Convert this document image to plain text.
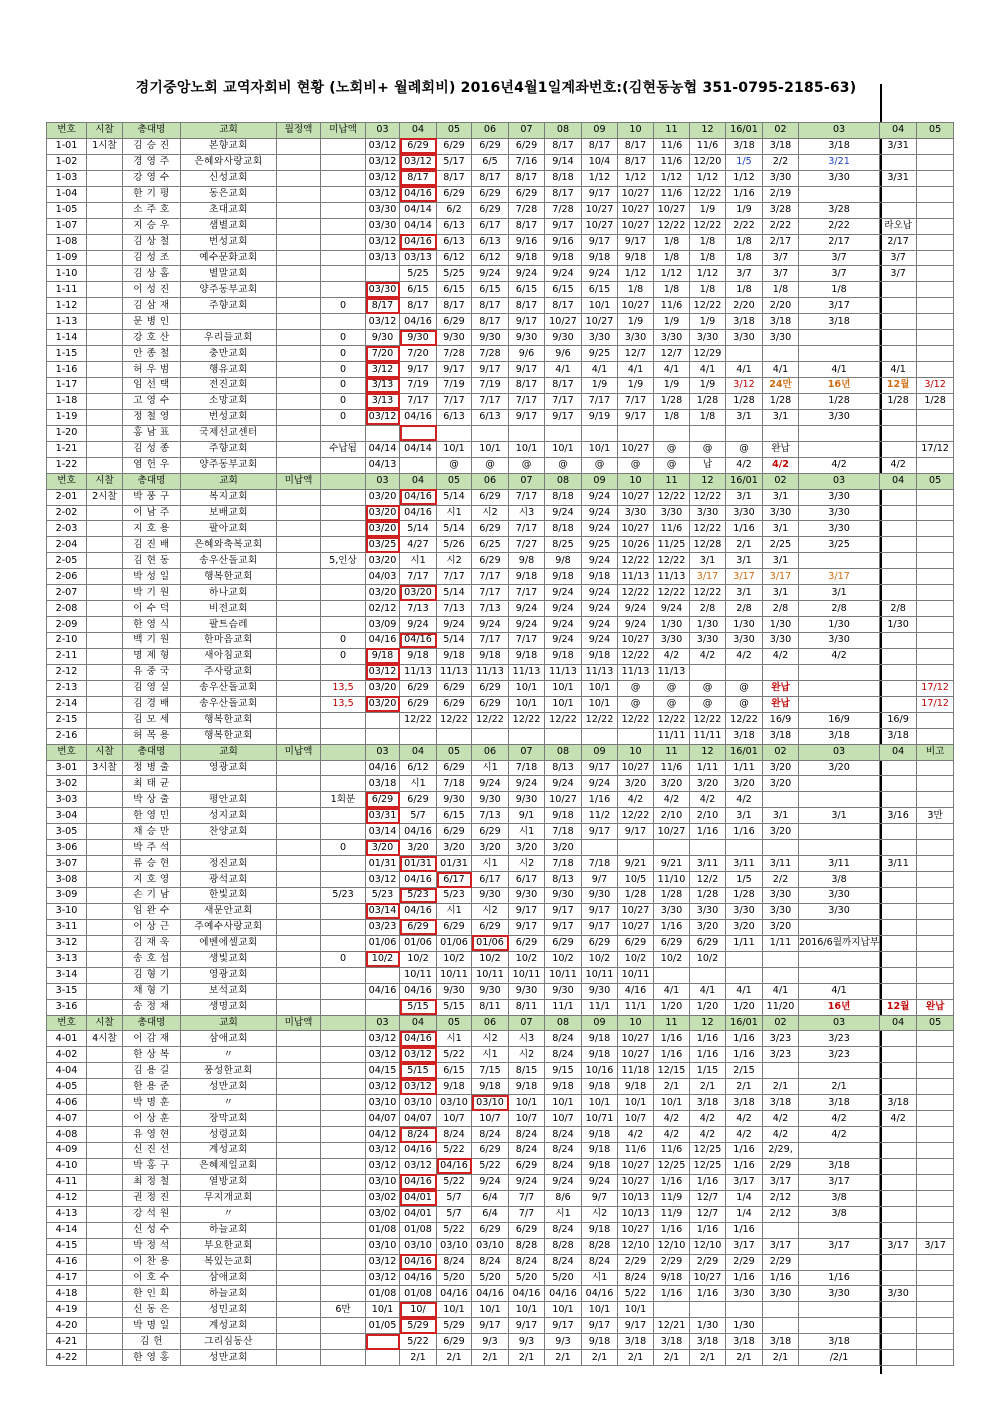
경기중앙노회 교역자회비 현황 (노회비+ 월례회비) 2016년4월1일계좌번호:(김현동농협 351-0795-2185-63)
번호	시찰	총대명	교회	월정액	미납액	03	04	05	06	07	08	09	10	11	12	16/01	02	03	04	05
1-01	1시찰	김 승 진	본향교회			03/12	6/29	6/29	6/29	6/29	8/17	8/17	8/17	11/6	11/6	3/18	3/18	3/18	3/31	
1-02		경 영 주	은혜와사랑교회			03/12	03/12	5/17	6/5	7/16	9/14	10/4	8/17	11/6	12/20	1/5	2/2	3/21		
1-03		강 영 수	신성교회			03/12	8/17	8/17	8/17	8/17	8/18	1/12	1/12	1/12	1/12	1/12	3/30	3/30	3/31	
1-04		한 기 평	동은교회			03/12	04/16	6/29	6/29	6/29	8/17	9/17	10/27	11/6	12/22	1/16	2/19			
1-05		소 주 호	초대교회			03/30	04/14	6/2	6/29	7/28	7/28	10/27	10/27	10/27	1/9	1/9	3/28	3/28		
1-07		지 승 우	샘별교회			03/30	04/14	6/13	6/17	8/17	9/17	10/27	10/27	12/22	12/22	2/22	2/22	2/22	라오납	
1-08		김 상 철	번성교회			03/12	04/16	6/13	6/13	9/16	9/16	9/17	9/17	1/8	1/8	1/8	2/17	2/17	2/17	
1-09		김 성 조	예수문화교회			03/13	03/13	6/12	6/12	9/18	9/18	9/18	9/18	1/8	1/8	1/8	3/7	3/7	3/7	
1-10		김 상 홈	별말교회				5/25	5/25	9/24	9/24	9/24	9/24	1/12	1/12	1/12	3/7	3/7	3/7	3/7	
1-11		이 성 진	양주동부교회			03/30	6/15	6/15	6/15	6/15	6/15	6/15	1/8	1/8	1/8	1/8	1/8	1/8		
1-12		김 삼 재	주향교회		0	8/17	8/17	8/17	8/17	8/17	8/17	10/1	10/27	11/6	12/22	2/20	2/20	3/17		
1-13		문 병 인				03/12	04/16	6/29	8/17	9/17	10/27	10/27	1/9	1/9	1/9	3/18	3/18	3/18		
1-14		강 호 산	우리들교회		0	9/30	9/30	9/30	9/30	9/30	9/30	3/30	3/30	3/30	3/30	3/30	3/30			
1-15		안 종 철	충만교회		0	7/20	7/20	7/28	7/28	9/6	9/6	9/25	12/7	12/7	12/29					
1-16		허 우 범	행유교회		0	3/12	9/17	9/17	9/17	9/17	4/1	4/1	4/1	4/1	4/1	4/1	4/1	4/1	4/1	
1-17		임 선 택	전진교회		0	3/13	7/19	7/19	7/19	8/17	8/17	1/9	1/9	1/9	1/9	3/12	24만	16년	12월	3/12
1-18		고 영 수	소망교회		0	3/13	7/17	7/17	7/17	7/17	7/17	7/17	7/17	1/28	1/28	1/28	1/28	1/28	1/28	1/28
1-19		정 철 영	번성교회		0	03/12	04/16	6/13	6/13	9/17	9/17	9/19	9/17	1/8	1/8	3/1	3/1	3/30		
1-20		홍 남 표	국제선교센터																	
1-21		김 성 종	주향교회		수납됨	04/14	04/14	10/1	10/1	10/1	10/1	10/1	10/27	@	@	@	완납			17/12
1-22		염 헌 우	양주동부교회			04/13		@	@	@	@	@	@	@	납	4/2	4/2	4/2	4/2	
번호	시찰	총대명	교회	미납액		03	04	05	06	07	08	09	10	11	12	16/01	02	03	04	05
2-01	2시찰	박 풍 구	복지교회			03/20	04/16	5/14	6/29	7/17	8/18	9/24	10/27	12/22	12/22	3/1	3/1	3/30		
2-02		이 남 주	보배교회			03/20	04/16	시1	시2	시3	9/24	9/24	3/30	3/30	3/30	3/30	3/30	3/30		
2-03		지 호 용	팔아교회			03/20	5/14	5/14	6/29	7/17	8/18	9/24	10/27	11/6	12/22	1/16	3/1	3/30		
2-04		김 진 배	은혜와축복교회			03/25	4/27	5/26	6/25	7/27	8/25	9/25	10/26	11/25	12/28	2/1	2/25	3/25		
2-05		김 현 동	송우산돌교회		5,인상	03/20	시1	시2	6/29	9/8	9/8	9/24	12/22	12/22	3/1	3/1	3/1			
2-06		박 성 일	행복한교회			04/03	7/17	7/17	7/17	9/18	9/18	9/18	11/13	11/13	3/17	3/17	3/17	3/17		
2-07		박 기 원	하나교회			03/20	03/20	5/14	7/17	7/17	9/24	9/24	12/22	12/22	12/22	3/1	3/1	3/1		
2-08		이 수 덕	비전교회			02/12	7/13	7/13	7/13	9/24	9/24	9/24	9/24	9/24	2/8	2/8	2/8	2/8	2/8	
2-09		한 영 식	팔트슴레			03/09	9/24	9/24	9/24	9/24	9/24	9/24	9/24	1/30	1/30	1/30	1/30	1/30	1/30	
2-10		백 기 원	한마음교회		0	04/16	04/16	5/14	7/17	7/17	9/24	9/24	10/27	3/30	3/30	3/30	3/30	3/30		
2-11		명 제 형	새아침교회		0	9/18	9/18	9/18	9/18	9/18	9/18	9/18	12/22	4/2	4/2	4/2	4/2	4/2		
2-12		유 중 국	주사랑교회			03/12	11/13	11/13	11/13	11/13	11/13	11/13	11/13	11/13						
2-13		김 영 실	송우산돌교회		13,5	03/20	6/29	6/29	6/29	10/1	10/1	10/1	@	@	@	@	완납			17/12
2-14		김 경 배	송우산돌교회		13,5	03/20	6/29	6/29	6/29	10/1	10/1	10/1	@	@	@	@	완납			17/12
2-15		김 모 세	행복한교회				12/22	12/22	12/22	12/22	12/22	12/22	12/22	12/22	12/22	12/22	16/9	16/9	16/9	
2-16		허 목 용	행복한교회											11/11	11/11	3/18	3/18	3/18	3/18	
번호	시찰	총대명	교회	미납액		03	04	05	06	07	08	09	10	11	12	16/01	02	03	04	비고
3-01	3시찰	정 병 출	영광교회			04/16	6/12	6/29	시1	7/18	8/13	9/17	10/27	11/6	1/11	1/11	3/20	3/20		
3-02		최 태 균				03/18	시1	7/18	9/24	9/24	9/24	9/24	3/20	3/20	3/20	3/20	3/20			
3-03		박 상 출	평안교회		1회분	6/29	6/29	9/30	9/30	9/30	10/27	1/16	4/2	4/2	4/2	4/2				
3-04		한 영 민	성지교회			03/31	5/7	6/15	7/13	9/1	9/18	11/2	12/22	2/10	2/10	3/1	3/1	3/1	3/16	3만
3-05		채 승 만	찬양교회			03/14	04/16	6/29	6/29	시1	7/18	9/17	9/17	10/27	1/16	1/16	3/20			
3-06		박 주 석			0	3/20	3/20	3/20	3/20	3/20	3/20									
3-07		류 승 현	정진교회			01/31	01/31	01/31	시1	시2	7/18	7/18	9/21	9/21	3/11	3/11	3/11	3/11	3/11	
3-08		지 호 영	광석교회			03/12	04/16	6/17	6/17	6/17	8/13	9/7	10/5	11/10	12/2	1/5	2/2	3/8		
3-09		손 기 남	한빛교회		5/23	5/23	5/23	5/23	9/30	9/30	9/30	9/30	1/28	1/28	1/28	1/28	3/30	3/30		
3-10		임 완 수	새문안교회			03/14	04/16	시1	시2	9/17	9/17	9/17	10/27	3/30	3/30	3/30	3/30	3/30		
3-11		이 상 근	주예수사랑교회			03/23	6/29	6/29	6/29	9/17	9/17	9/17	10/27	1/16	3/20	3/20	3/20			
3-12		김 재 욱	에벤에셀교회			01/06	01/06	01/06	01/06	6/29	6/29	6/29	6/29	6/29	6/29	1/11	1/11	2016/6월까지납부		
3-13		송 호 섭	생빛교회		0	10/2	10/2	10/2	10/2	10/2	10/2	10/2	10/2	10/2	10/2					
3-14		김 형 기	영광교회				10/11	10/11	10/11	10/11	10/11	10/11	10/11							
3-15		채 형 기	보석교회			04/16	04/16	9/30	9/30	9/30	9/30	9/30	4/16	4/1	4/1	4/1	4/1	4/1		
3-16		송 정 채	생명교회				5/15	5/15	8/11	8/11	11/1	11/1	11/1	1/20	1/20	1/20	11/20	16년	12월	완납
번호	시찰	총대명	교회	미납액		03	04	05	06	07	08	09	10	11	12	16/01	02	03	04	05
4-01	4시찰	이 감 재	삼애교회			03/12	04/16	시1	시2	시3	8/24	9/18	10/27	1/16	1/16	1/16	3/23	3/23		
4-02		한 상 복	〃			03/12	03/12	5/22	시1	시2	8/24	9/18	10/27	1/16	1/16	1/16	3/23	3/23		
4-04		김 용 길	풍성한교회			04/15	5/15	6/15	7/15	8/15	9/15	10/16	11/18	12/15	1/15	2/15				
4-05		한 용 준	성만교회			03/12	03/12	9/18	9/18	9/18	9/18	9/18	9/18	2/1	2/1	2/1	2/1	2/1		
4-06		박 명 훈	〃			03/10	03/10	03/10	03/10	10/1	10/1	10/1	10/1	10/1	3/18	3/18	3/18	3/18	3/18	
4-07		이 상 훈	장막교회			04/07	04/07	10/7	10/7	10/7	10/7	10/71	10/7	4/2	4/2	4/2	4/2	4/2	4/2	
4-08		유 영 현	성령교회			04/12	8/24	8/24	8/24	8/24	8/24	9/18	4/2	4/2	4/2	4/2	4/2	4/2		
4-09		신 진 선	계성교회			03/12	04/16	5/22	6/29	8/24	8/24	9/18	11/6	11/6	12/25	1/16	2/29,			
4-10		박 홍 구	은혜제일교회			03/12	03/12	04/16	5/22	6/29	8/24	9/18	10/27	12/25	12/25	1/16	2/29	3/18		
4-11		최 정 철	열방교회			03/10	04/16	5/22	9/24	9/24	9/24	9/24	10/27	1/16	1/16	3/17	3/17	3/17		
4-12		권 정 진	무지개교회			03/02	04/01	5/7	6/4	7/7	8/6	9/7	10/13	11/9	12/7	1/4	2/12	3/8		
4-13		강 석 원	〃			03/02	04/01	5/7	6/4	7/7	시1	시2	10/13	11/9	12/7	1/4	2/12	3/8		
4-14		신 성 수	하늘교회			01/08	01/08	5/22	6/29	6/29	8/24	9/18	10/27	1/16	1/16	1/16				
4-15		박 정 석	부요한교회			03/10	03/10	03/10	03/10	8/28	8/28	8/28	12/10	12/10	12/10	3/17	3/17	3/17	3/17	3/17
4-16		이 찬 용	복있는교회			03/12	04/16	8/24	8/24	8/24	8/24	8/24	2/29	2/29	2/29	2/29	2/29			
4-17		이 호 수	삼애교회			03/12	04/16	5/20	5/20	5/20	5/20	시1	8/24	9/18	10/27	1/16	1/16	1/16		
4-18		한 인 희	하늘교회			01/08	01/08	04/16	04/16	04/16	04/16	04/16	5/22	1/16	1/16	3/30	3/30	3/30	3/30	
4-19		신 동 은	성민교회		6만	10/1	10/	10/1	10/1	10/1	10/1	10/1	10/1							
4-20		박 명 일	계성교회			01/05	5/29	5/29	9/17	9/17	9/17	9/17	9/17	12/21	1/30	1/30				
4-21		김 헌	그리심동산				5/22	6/29	9/3	9/3	9/3	9/18	3/18	3/18	3/18	3/18	3/18	3/18		
4-22		한 영 홍	성만교회				2/1	2/1	2/1	2/1	2/1	2/1	2/1	2/1	2/1	2/1	2/1	/2/1		
